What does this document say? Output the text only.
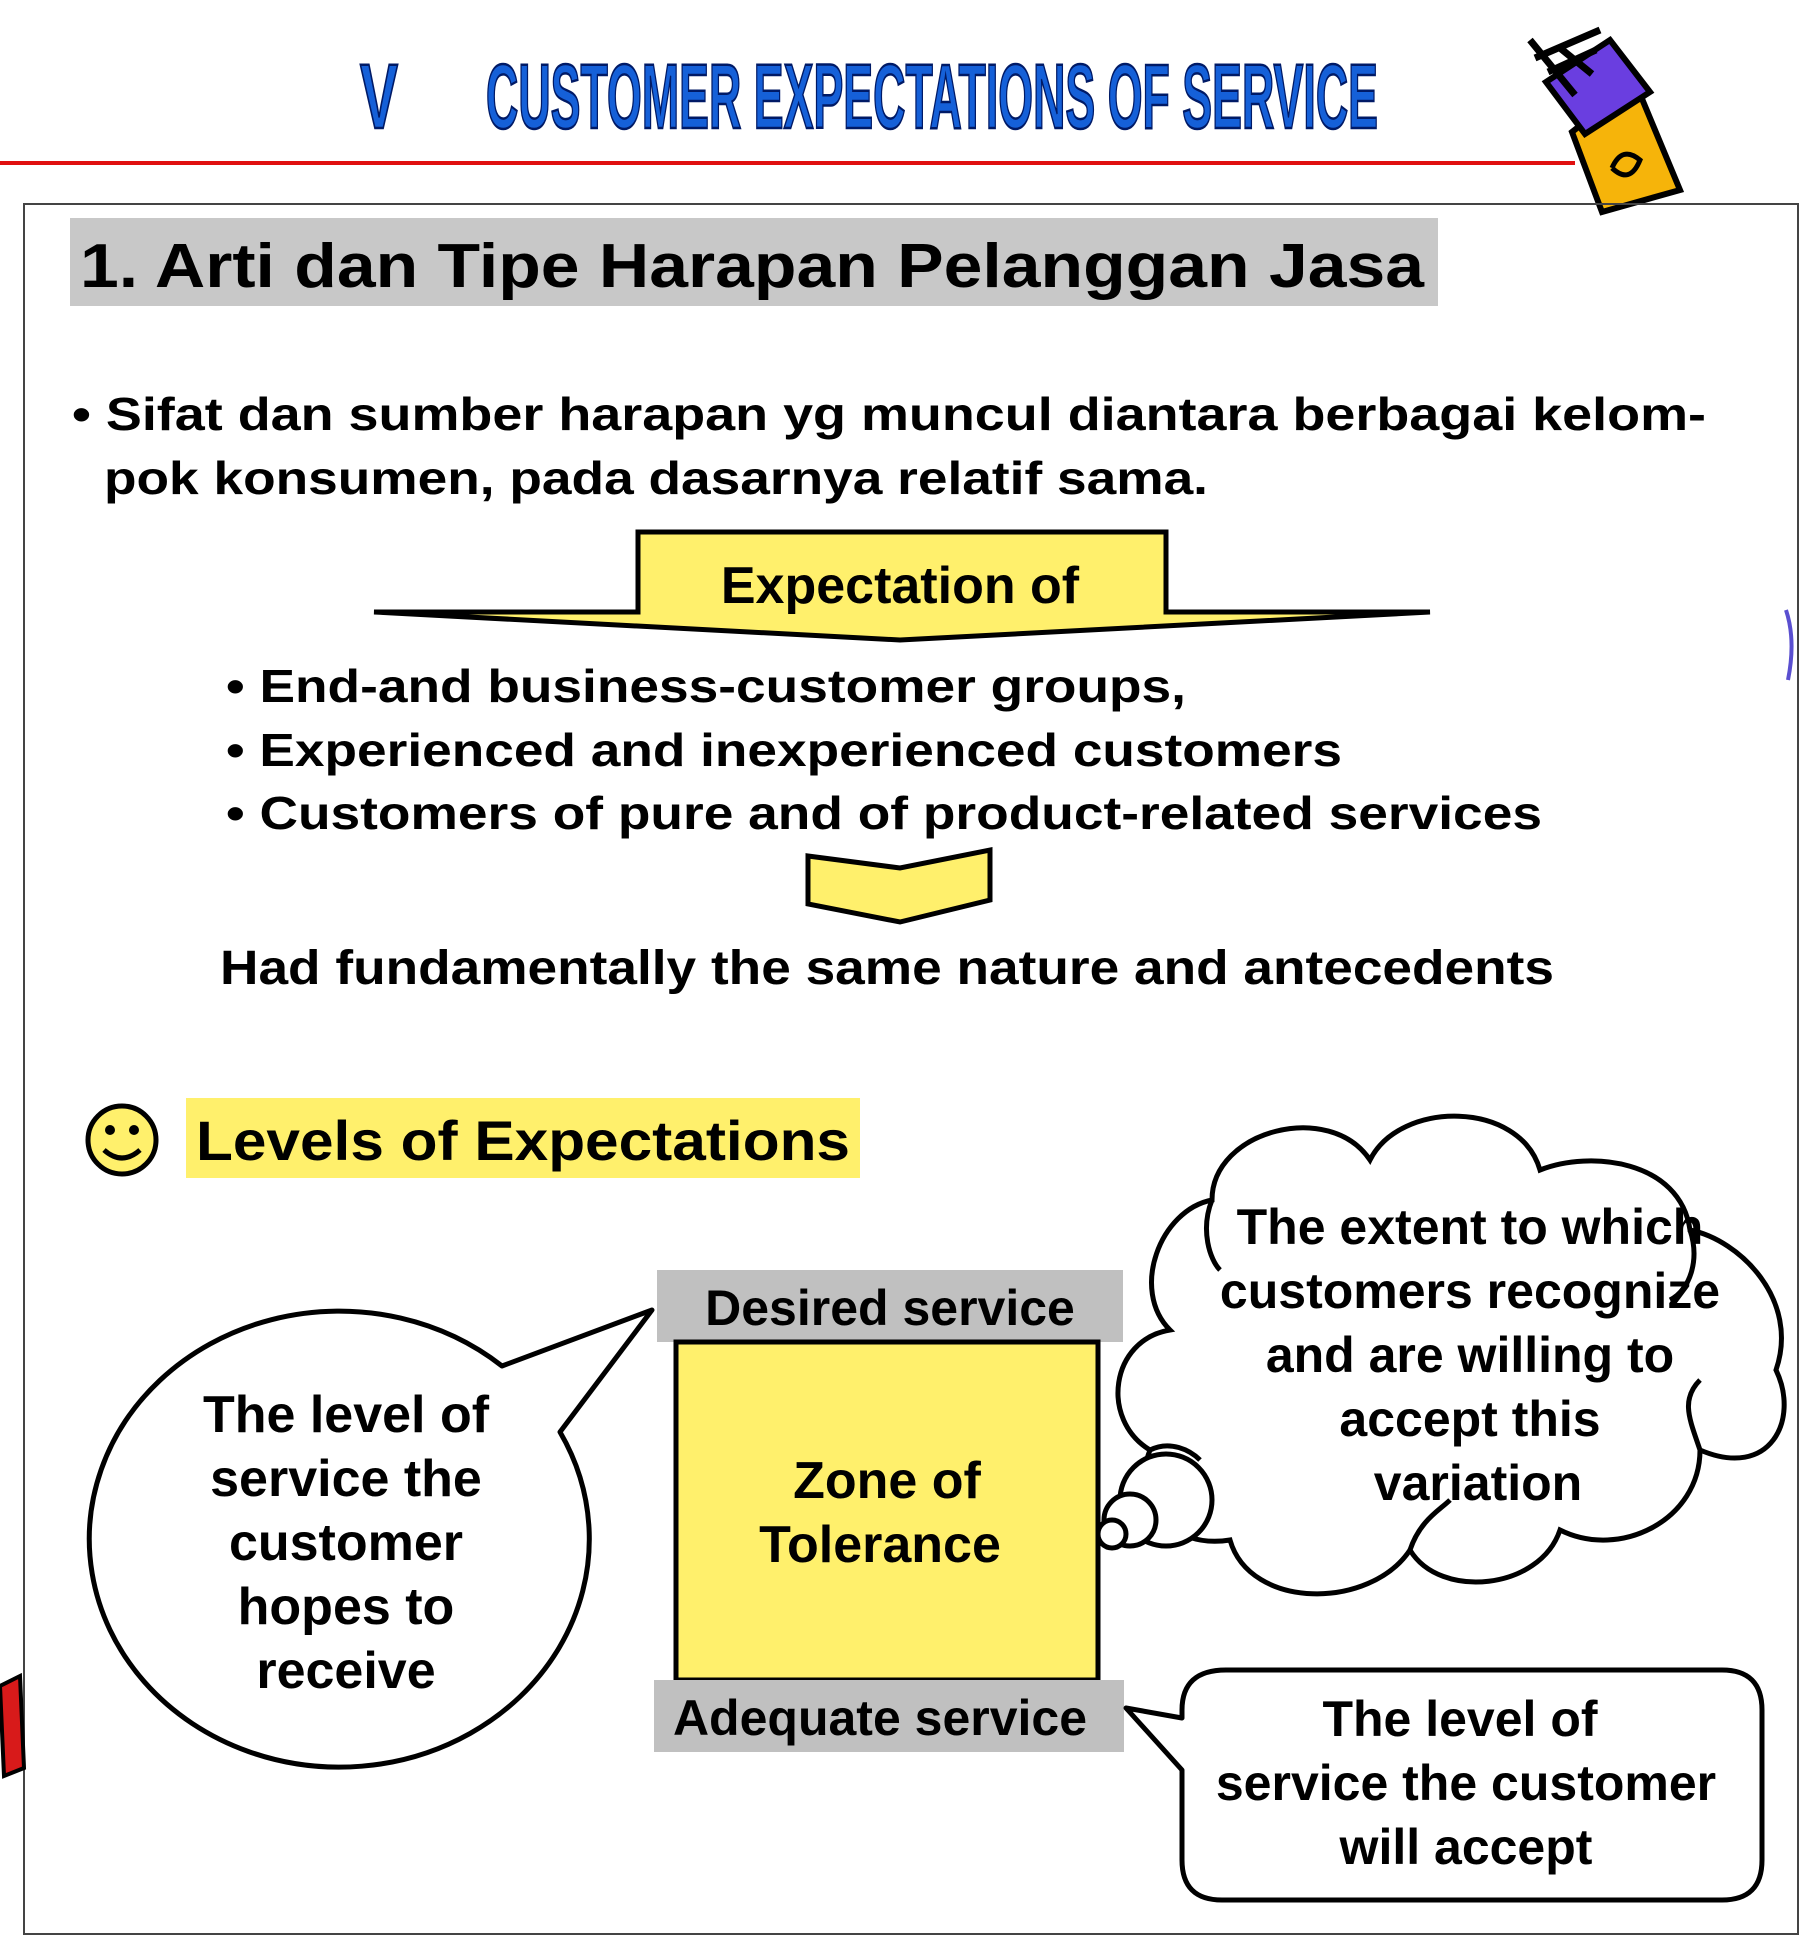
V CUSTOMER EXPECTATIONS OF SERVICE
1. Arti dan Tipe Harapan Pelanggan Jasa
• Sifat dan sumber harapan yg muncul diantara berbagai kelom-
pok konsumen, pada dasarnya relatif sama.
Expectation of
• End-and business-customer groups,
• Experienced and inexperienced customers
• Customers of pure and of product-related services
Had fundamentally the same nature and antecedents
Levels of Expectations
The level of
service the
customer
hopes to
receive
Desired service
Zone of
Tolerance
Adequate service
The extent to which
customers recognize
and are willing to
accept this
variation
The level of
service the customer
will accept
